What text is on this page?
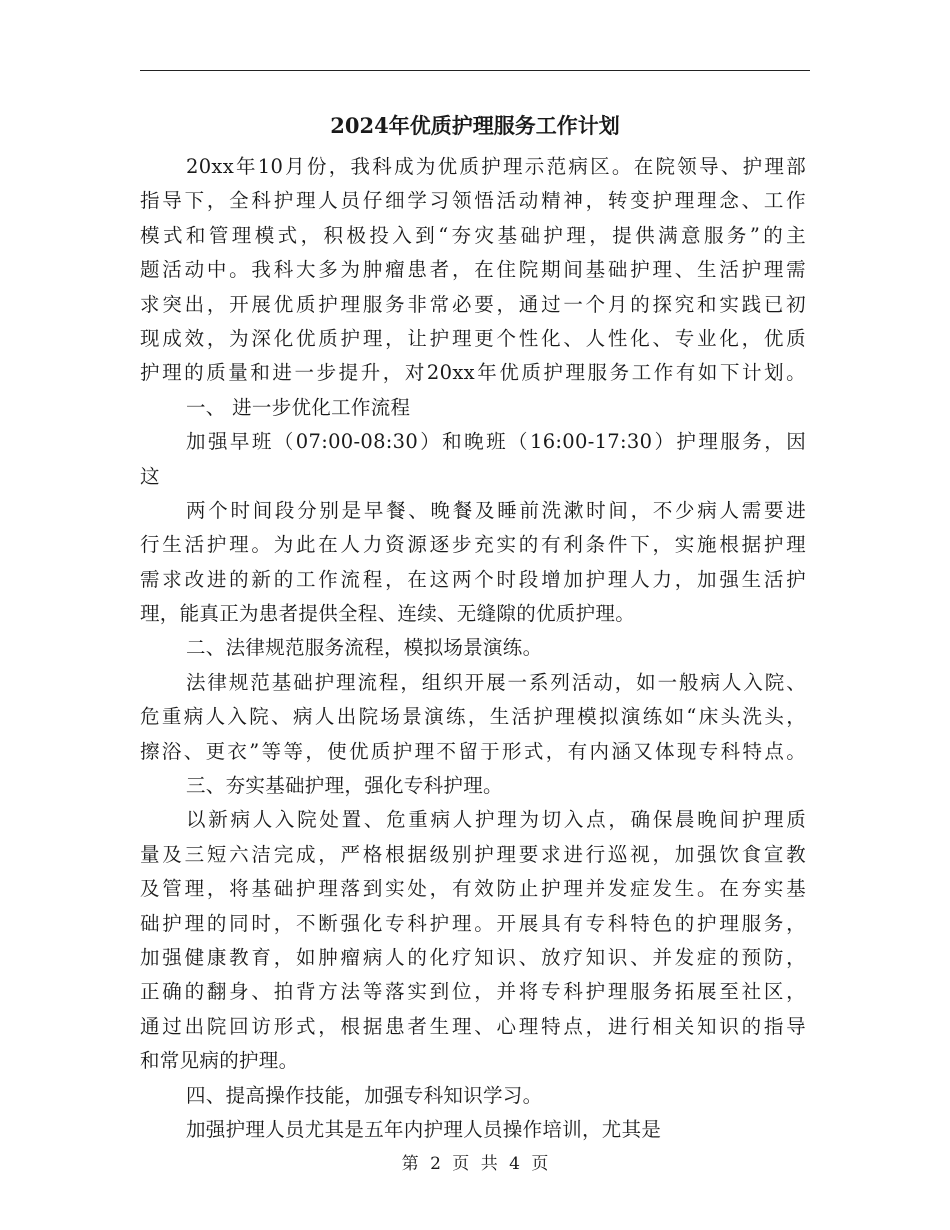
2024年优质护理服务工作计划
20xx年10月份，我科成为优质护理示范病区。在院领导、护理部
指导下，全科护理人员仔细学习领悟活动精神，转变护理理念、工作
模式和管理模式，积极投入到“夯灾基础护理，提供满意服务”的主
题活动中。我科大多为肿瘤患者，在住院期间基础护理、生活护理需
求突出，开展优质护理服务非常必要，通过一个月的探究和实践已初
现成效，为深化优质护理，让护理更个性化、人性化、专业化，优质
护理的质量和进一步提升，对20xx年优质护理服务工作有如下计划。
一、 进一步优化工作流程
加强早班（07:00-08:30）和晚班（16:00-17:30）护理服务，因
这
两个时间段分别是早餐、晚餐及睡前洗漱时间，不少病人需要进
行生活护理。为此在人力资源逐步充实的有利条件下，实施根据护理
需求改进的新的工作流程，在这两个时段增加护理人力，加强生活护
理，能真正为患者提供全程、连续、无缝隙的优质护理。
二、法律规范服务流程，模拟场景演练。
法律规范基础护理流程，组织开展一系列活动，如一般病人入院、
危重病人入院、病人出院场景演练，生活护理模拟演练如“床头洗头，
擦浴、更衣”等等，使优质护理不留于形式，有内涵又体现专科特点。
三、夯实基础护理，强化专科护理。
以新病人入院处置、危重病人护理为切入点，确保晨晚间护理质
量及三短六洁完成，严格根据级别护理要求进行巡视，加强饮食宣教
及管理，将基础护理落到实处，有效防止护理并发症发生。在夯实基
础护理的同时，不断强化专科护理。开展具有专科特色的护理服务，
加强健康教育，如肿瘤病人的化疗知识、放疗知识、并发症的预防，
正确的翻身、拍背方法等落实到位，并将专科护理服务拓展至社区，
通过出院回访形式，根据患者生理、心理特点，进行相关知识的指导
和常见病的护理。
四、提高操作技能，加强专科知识学习。
加强护理人员尤其是五年内护理人员操作培训，尤其是
第 2 页 共 4 页
